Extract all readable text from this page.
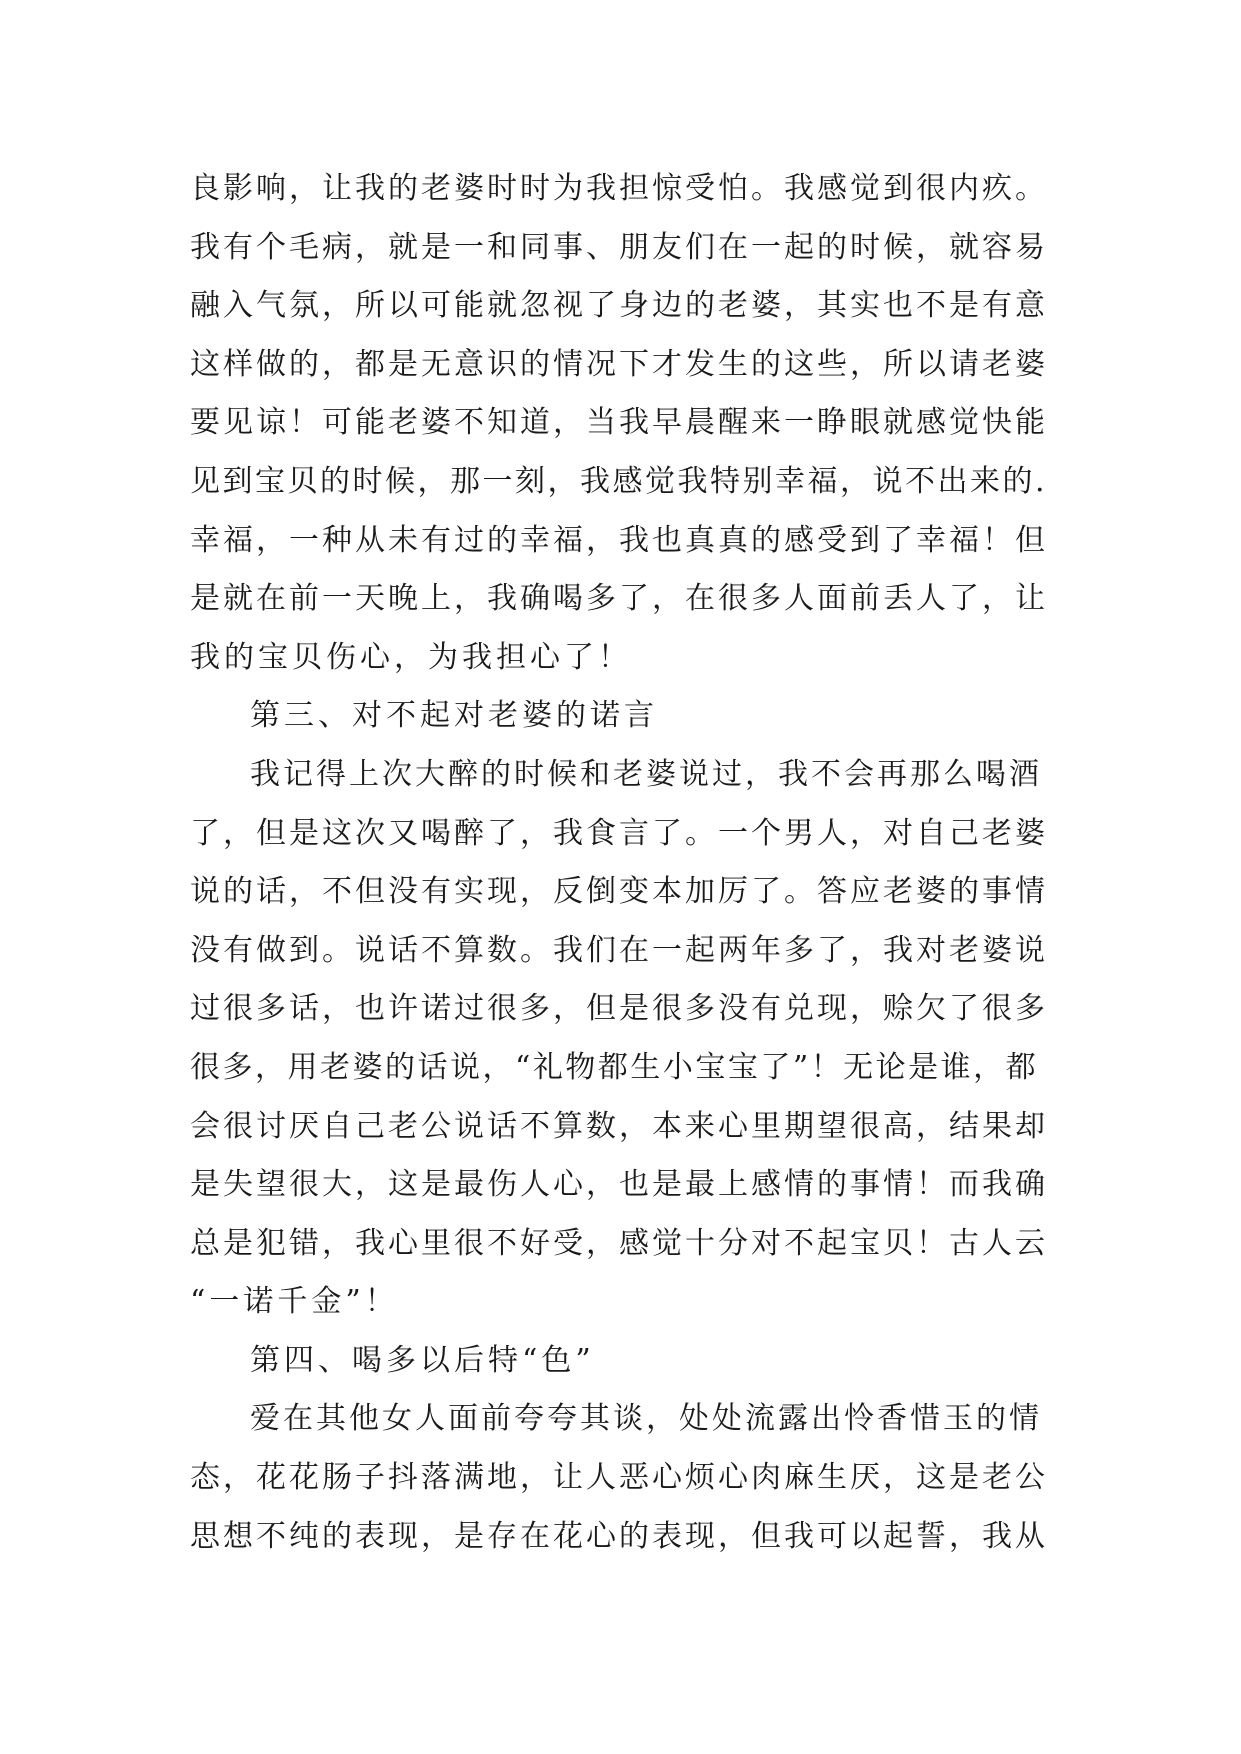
良影响，让我的老婆时时为我担惊受怕。我感觉到很内疚。
我有个毛病，就是一和同事、朋友们在一起的时候，就容易
融入气氛，所以可能就忽视了身边的老婆，其实也不是有意
这样做的，都是无意识的情况下才发生的这些，所以请老婆
要见谅！可能老婆不知道，当我早晨醒来一睁眼就感觉快能
见到宝贝的时候，那一刻，我感觉我特别幸福，说不出来的.
幸福，一种从未有过的幸福，我也真真的感受到了幸福！但
是就在前一天晚上，我确喝多了，在很多人面前丢人了，让
我的宝贝伤心，为我担心了！
第三、对不起对老婆的诺言
我记得上次大醉的时候和老婆说过，我不会再那么喝酒
了，但是这次又喝醉了，我食言了。一个男人，对自己老婆
说的话，不但没有实现，反倒变本加厉了。答应老婆的事情
没有做到。说话不算数。我们在一起两年多了，我对老婆说
过很多话，也许诺过很多，但是很多没有兑现，赊欠了很多
很多，用老婆的话说，“礼物都生小宝宝了”！无论是谁，都
会很讨厌自己老公说话不算数，本来心里期望很高，结果却
是失望很大，这是最伤人心，也是最上感情的事情！而我确
总是犯错，我心里很不好受，感觉十分对不起宝贝！古人云
“一诺千金”！
第四、喝多以后特“色”
爱在其他女人面前夸夸其谈，处处流露出怜香惜玉的情
态，花花肠子抖落满地，让人恶心烦心肉麻生厌，这是老公
思想不纯的表现，是存在花心的表现，但我可以起誓，我从
